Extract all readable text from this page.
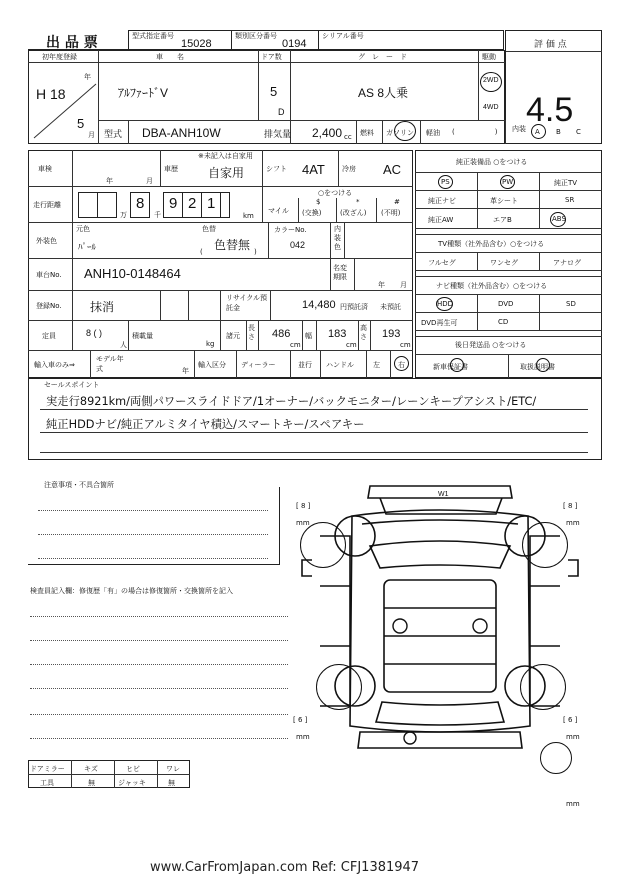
出 品 票	型式指定番号
15028
類別区分番号
0194
シリアル番号
評 価 点
4.5
初年度登録
H 18
年
5
月
車　　名
ｱﾙﾌｧｰﾄﾞV
ドア数
5
D
グ　レ　ー　ド
AS 8人乗
駆動
2WD
4WD
型式 DBA-ANH10W	排気量 2,400 cc 燃料 ガソリン 軽油 (	) 内装 A B C
車検
年	月
車歴
※未記入は自家用
自家用	シフト 4AT 冷房 AC
走行距離
万
8
千
9 2 1
km
○をつける
マイル
$
(交換)
*
(改ざん)
#
(不明)
外装色
元色
ﾊﾟｰﾙ
色替
色替無
(	)
カラーNo.
042
内装色
車台No. ANH10-0148464	名変期限
年 月
登録No. 抹消
リサイクル預託金	14,480 円預託済 未預託
定員	8 ( )
人
積載量
kg
諸元
長さ 486
cm
幅 183
cm
高さ 193
cm
輸入車のみ⇒
モデル年式	年
輸入区分 ディーラー	並行 ハンドル	左	右
純正装備品 ○をつける
PS	PW	純正TV
純正ナビ	革シート	SR
純正AW	エアB	ABS
TV種類（社外品含む）○をつける
フルセグ	ワンセグ	アナログ
ナビ種類（社外品含む）○をつける
HDD	DVD	SD
DVD再生可	CD
後日発送品 ○をつける
新車保証書	取扱説明書
セールスポイント
実走行8921km/両側パワースライドドア/1オーナー/バックモニター/レーンキープアシスト/ETC/
純正HDDナビ/純正アルミタイヤ積込/スマートキー/スペアキー
注意事項・不具合箇所
検査員記入欄：修復歴「有」の場合は修復箇所・交換箇所を記入
W1
[ 8 ]
mm
[ 8 ]
mm
[ 6 ]
mm
[ 6 ]
mm
mm
ドアミラー	キズ	ヒビ	ワレ
工具	無	ジャッキ	無
www.CarFromJapan.com Ref: CFJ1381947
